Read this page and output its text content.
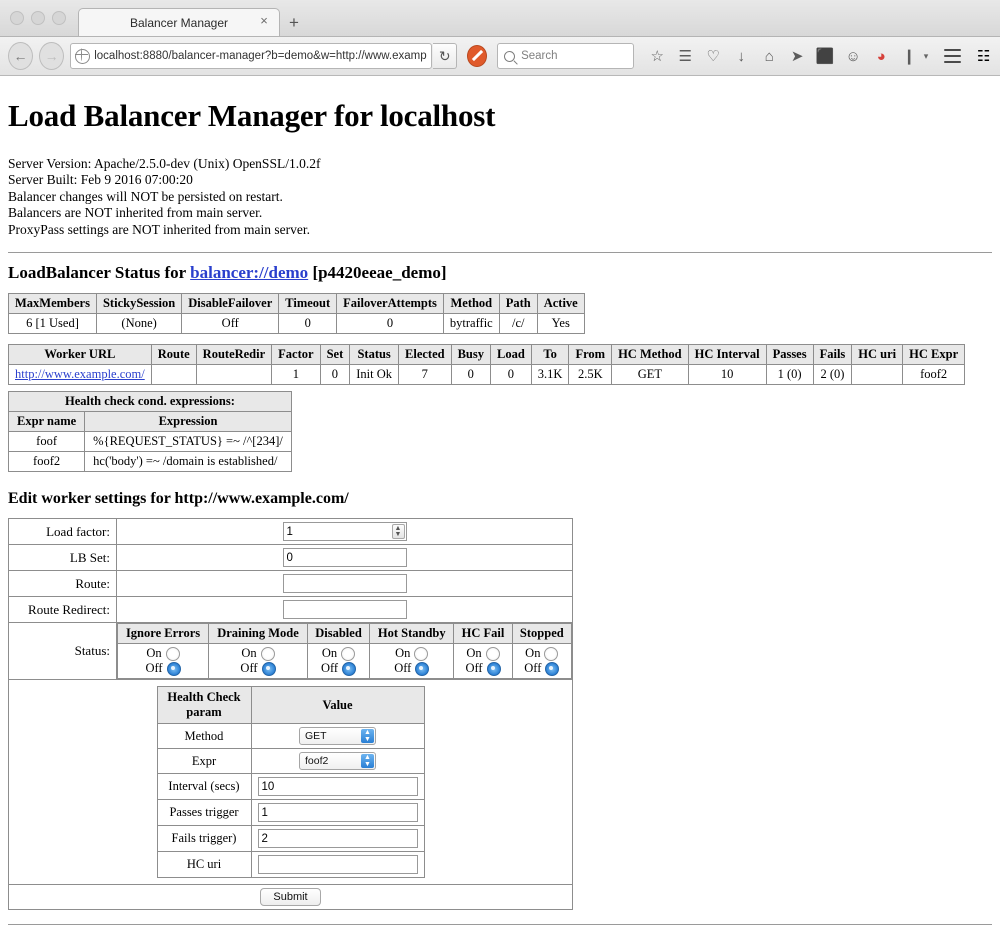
Balancer Manager ×	+
←	→	localhost:8880/balancer-manager?b=demo&w=http://www.examp ↻	Search	☆ ☰ ♡	↓	⌂	➤ ⬛ ☺	◕	❙ ▾	☷
Load Balancer Manager for localhost
Server Version: Apache/2.5.0-dev (Unix) OpenSSL/1.0.2f
Server Built: Feb 9 2016 07:00:20
Balancer changes will NOT be persisted on restart.
Balancers are NOT inherited from main server.
ProxyPass settings are NOT inherited from main server.
LoadBalancer Status for balancer://demo [p4420eeae_demo]
MaxMembers	StickySession	DisableFailover	Timeout	FailoverAttempts	Method	Path	Active
6 [1 Used]	(None)	Off	0	0	bytraffic	/c/	Yes
Worker URL	Route	RouteRedir	Factor	Set	Status	Elected	Busy	Load	To	From	HC Method	HC Interval	Passes	Fails	HC uri	HC Expr
http://www.example.com/			1	0	Init Ok	7	0	0	3.1K	2.5K	GET	10	1 (0)	2 (0)		foof2
Health check cond. expressions:	
Expr name	Expression
foof	%{REQUEST_STATUS} =~ /^[234]/
foof2	hc('body') =~ /domain is established/
Edit worker settings for http://www.example.com/
Load factor:	1▲
▼

LB Set:	0
Route:	
Route Redirect:	
Status:	
Ignore Errors	Draining Mode	Disabled	Hot Standby	HC Fail	Stopped

On
Off

On
Off

On
Off

On
Off

On
Off

On
Off

Health Check param	Value
Method	GET	▲
▼

Expr	foof2	▲
▼

Interval (secs)	10
Passes trigger	1
Fails trigger)	2
HC uri	

Submit
